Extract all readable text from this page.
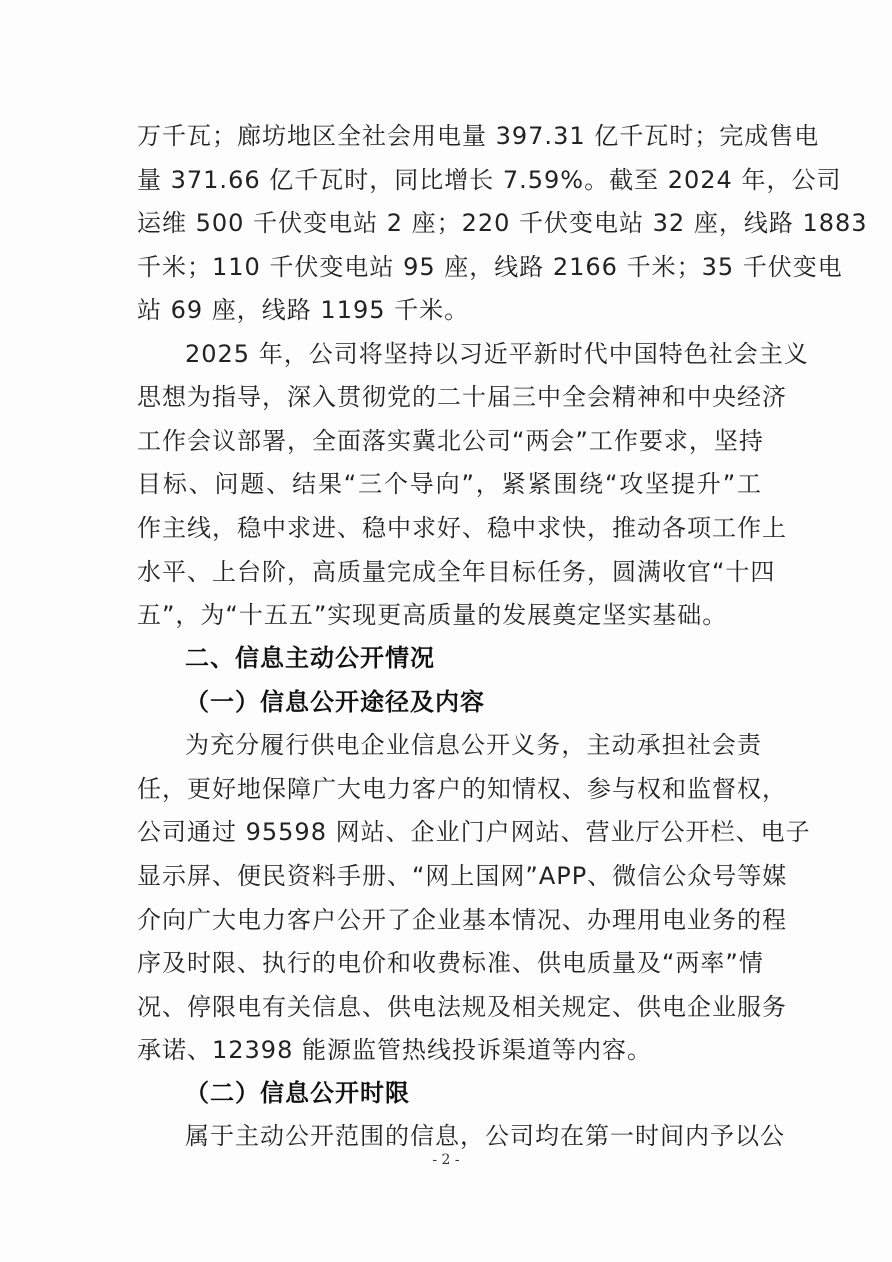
万千瓦；廊坊地区全社会用电量 397.31 亿千瓦时；完成售电
量 371.66 亿千瓦时，同比增长 7.59%。截至 2024 年，公司
运维 500 千伏变电站 2 座；220 千伏变电站 32 座，线路 1883
千米；110 千伏变电站 95 座，线路 2166 千米；35 千伏变电
站 69 座，线路 1195 千米。
2025 年，公司将坚持以习近平新时代中国特色社会主义
思想为指导，深入贯彻党的二十届三中全会精神和中央经济
工作会议部署，全面落实冀北公司“两会”工作要求，坚持
目标、问题、结果“三个导向”，紧紧围绕“攻坚提升”工
作主线，稳中求进、稳中求好、稳中求快，推动各项工作上
水平、上台阶，高质量完成全年目标任务，圆满收官“十四
五”，为“十五五”实现更高质量的发展奠定坚实基础。
二、信息主动公开情况
（一）信息公开途径及内容
为充分履行供电企业信息公开义务，主动承担社会责
任，更好地保障广大电力客户的知情权、参与权和监督权，
公司通过 95598 网站、企业门户网站、营业厅公开栏、电子
显示屏、便民资料手册、“网上国网”APP、微信公众号等媒
介向广大电力客户公开了企业基本情况、办理用电业务的程
序及时限、执行的电价和收费标准、供电质量及“两率”情
况、停限电有关信息、供电法规及相关规定、供电企业服务
承诺、12398 能源监管热线投诉渠道等内容。
（二）信息公开时限
属于主动公开范围的信息，公司均在第一时间内予以公
- 2 -
